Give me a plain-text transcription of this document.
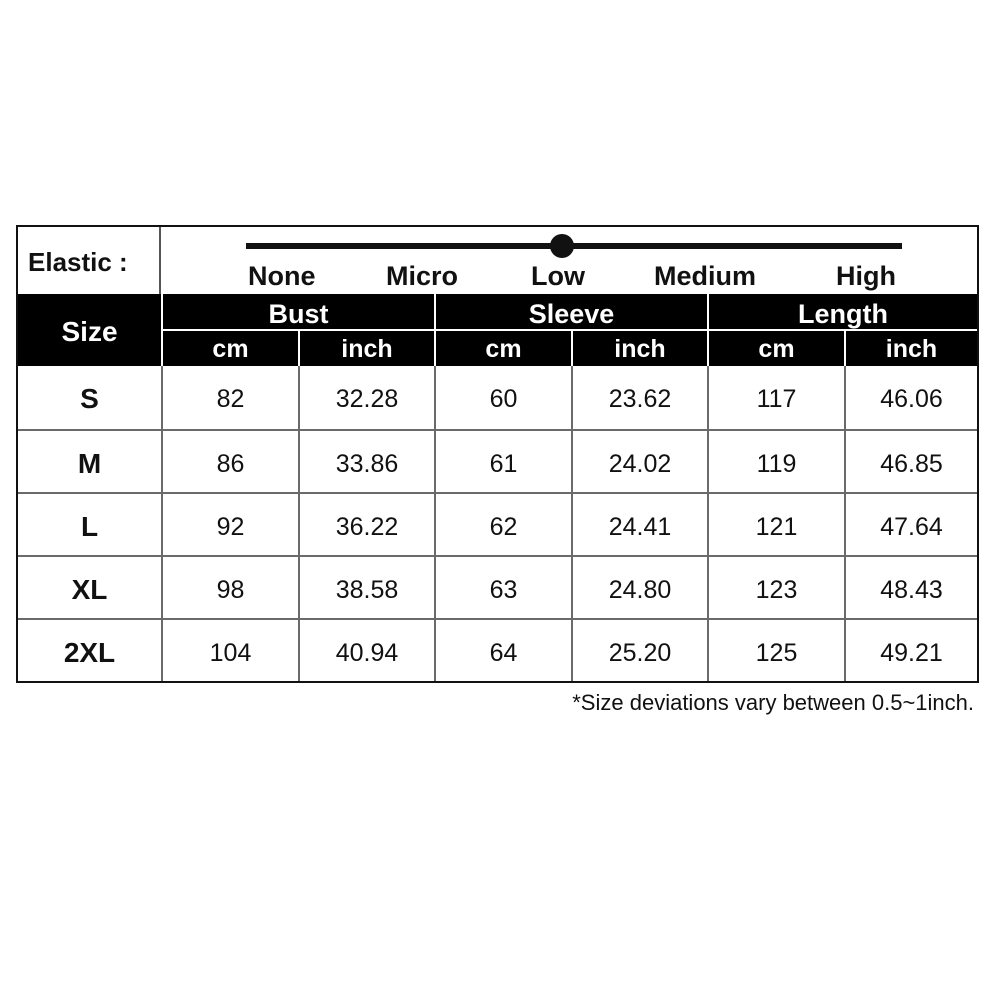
Elastic :	None	Micro	Low	Medium	High
Size
Bust	Sleeve	Length
cm	inch	cm	inch	cm	inch
S	82	32.28	60	23.62	117	46.06
M	86	33.86	61	24.02	119	46.85
L	92	36.22	62	24.41	121	47.64
XL	98	38.58	63	24.80	123	48.43
2XL	104	40.94	64	25.20	125	49.21
*Size deviations vary between 0.5~1inch.
